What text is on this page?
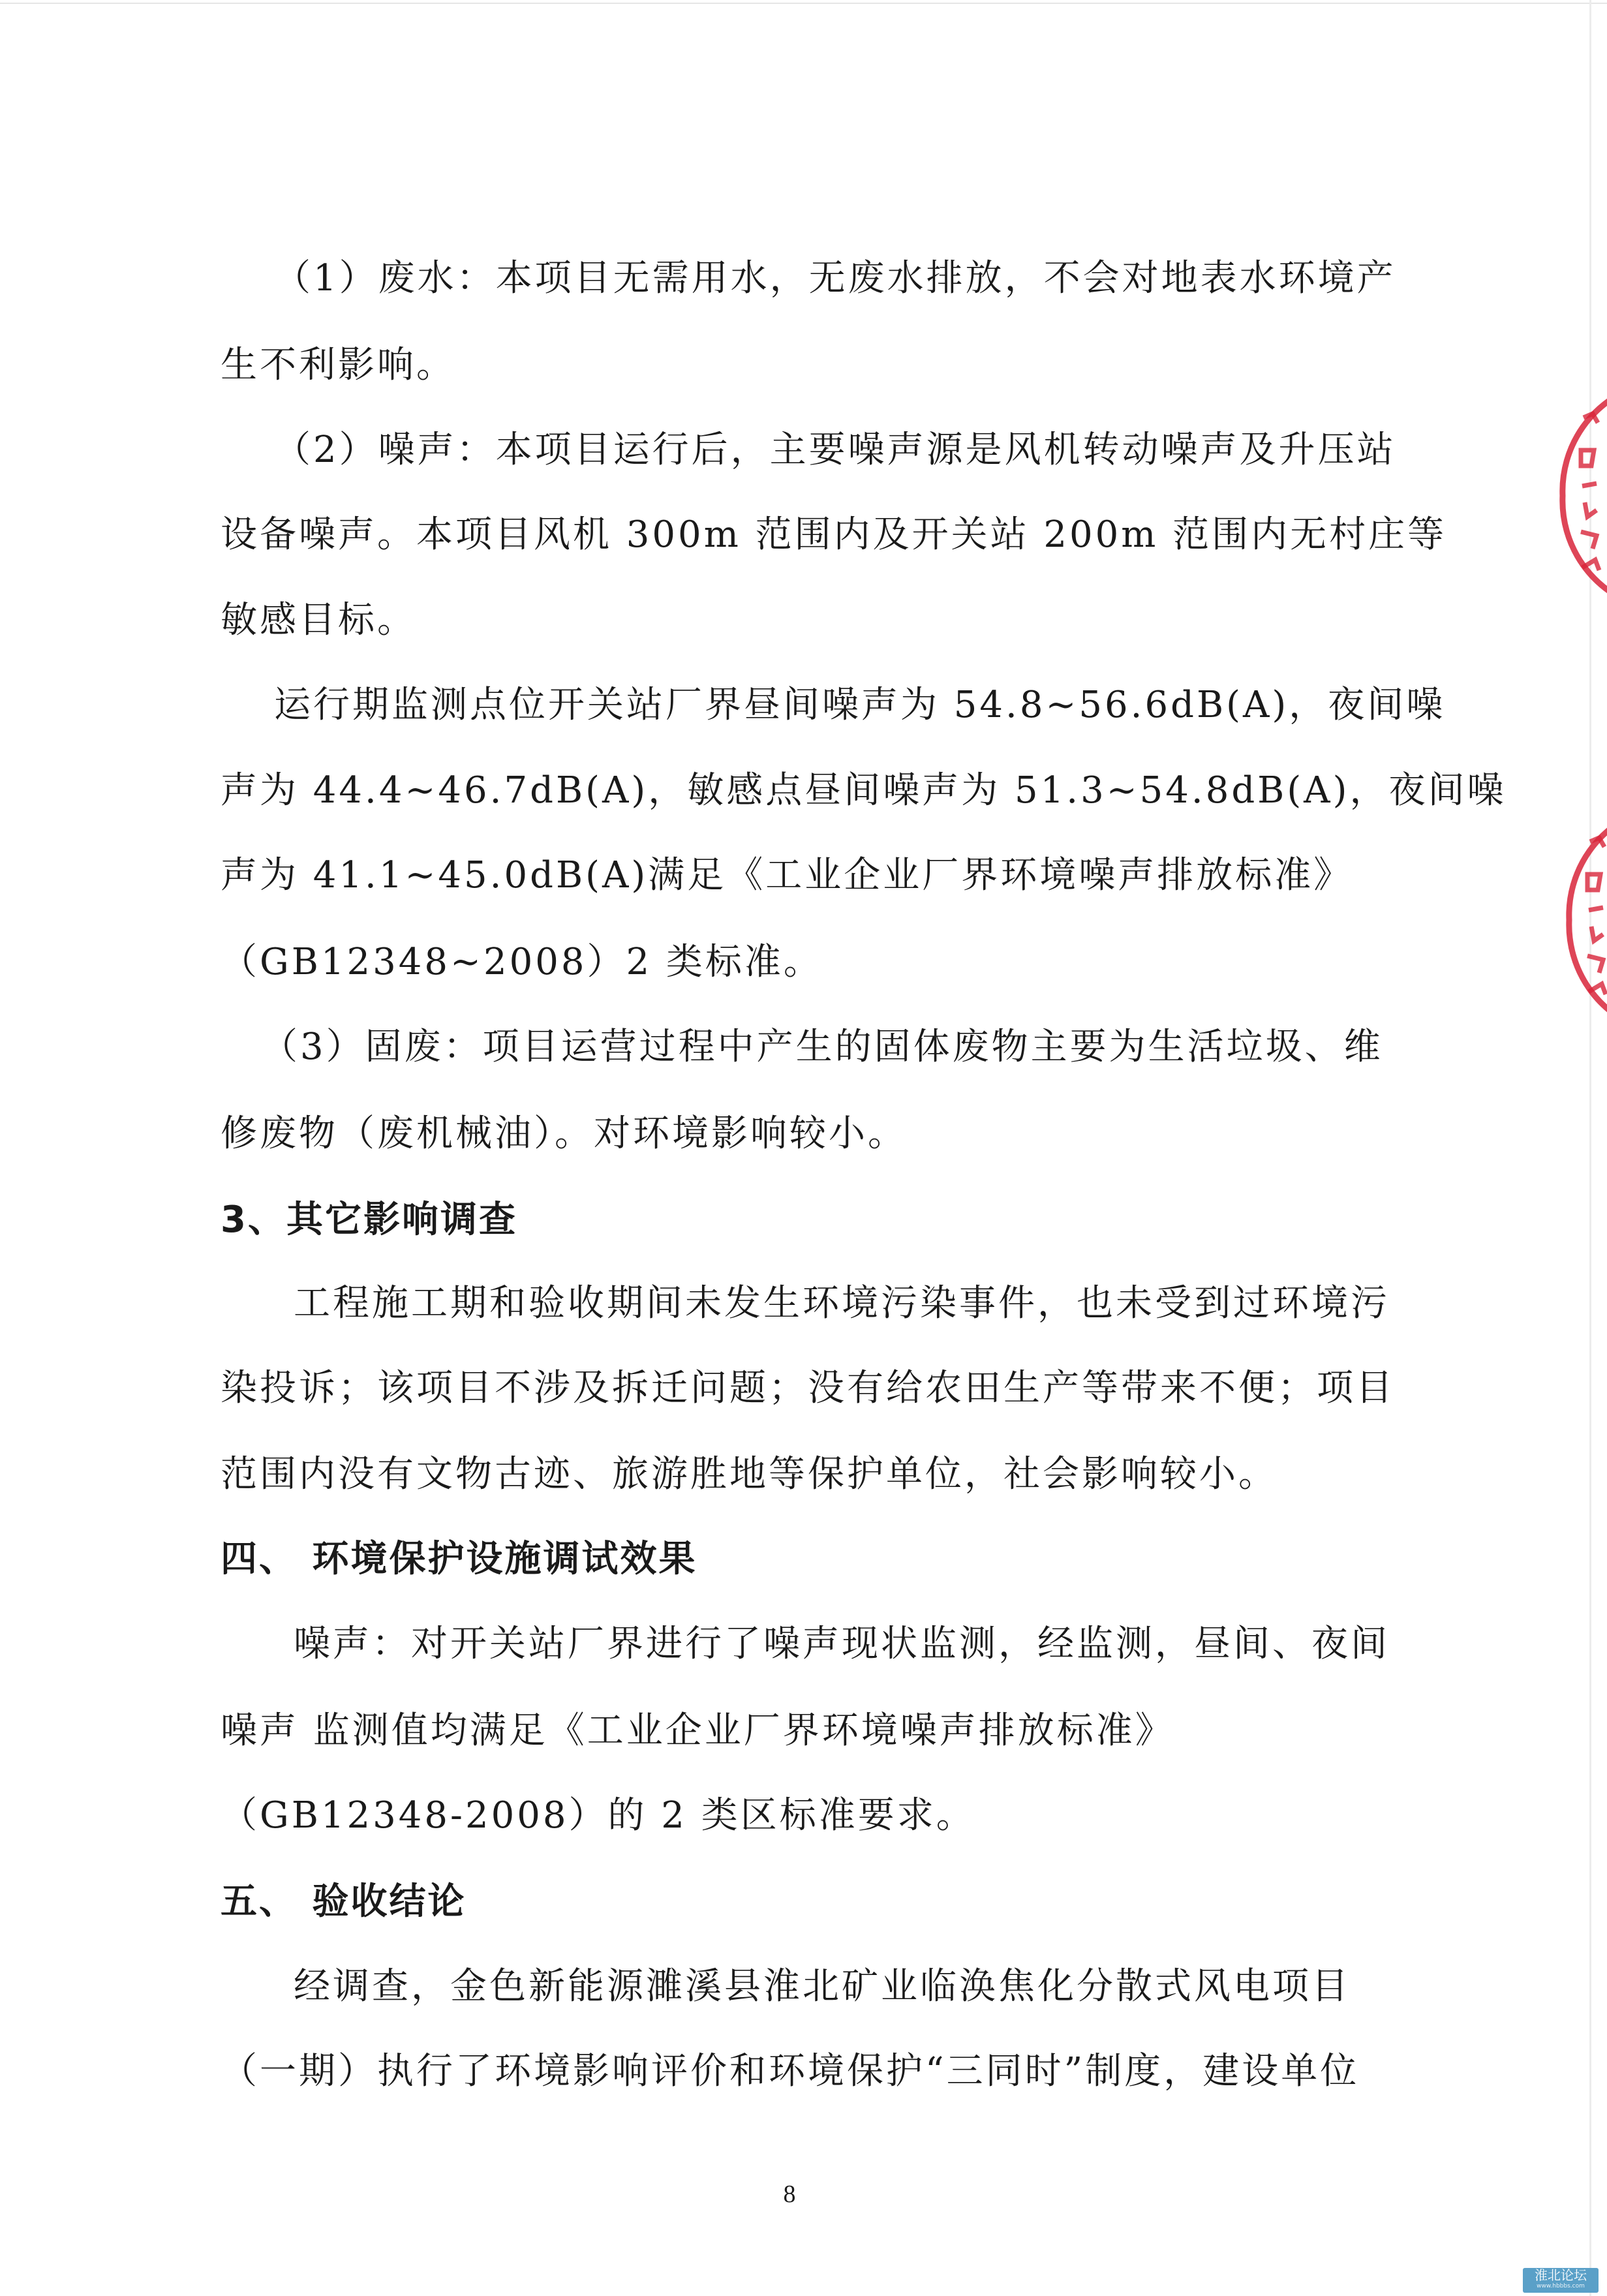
（1）废水：本项目无需用水，无废水排放，不会对地表水环境产
生不利影响。
（2）噪声：本项目运行后，主要噪声源是风机转动噪声及升压站
设备噪声。本项目风机 300m 范围内及开关站 200m 范围内无村庄等
敏感目标。
运行期监测点位开关站厂界昼间噪声为 54.8~56.6dB(A)，夜间噪
声为 44.4~46.7dB(A)，敏感点昼间噪声为 51.3~54.8dB(A)，夜间噪
声为 41.1~45.0dB(A)满足《工业企业厂界环境噪声排放标准》
（GB12348~2008）2 类标准。
（3）固废：项目运营过程中产生的固体废物主要为生活垃圾、维
修废物（废机械油）。对环境影响较小。
3、其它影响调查
工程施工期和验收期间未发生环境污染事件，也未受到过环境污
染投诉；该项目不涉及拆迁问题；没有给农田生产等带来不便；项目
范围内没有文物古迹、旅游胜地等保护单位，社会影响较小。
四、 环境保护设施调试效果
噪声：对开关站厂界进行了噪声现状监测，经监测，昼间、夜间
噪声 监测值均满足《工业企业厂界环境噪声排放标准》
（GB12348-2008）的 2 类区标准要求。
五、 验收结论
经调查，金色新能源濉溪县淮北矿业临涣焦化分散式风电项目
（一期）执行了环境影响评价和环境保护“三同时”制度，建设单位
8
淮北论坛
www.hbbbs.com
